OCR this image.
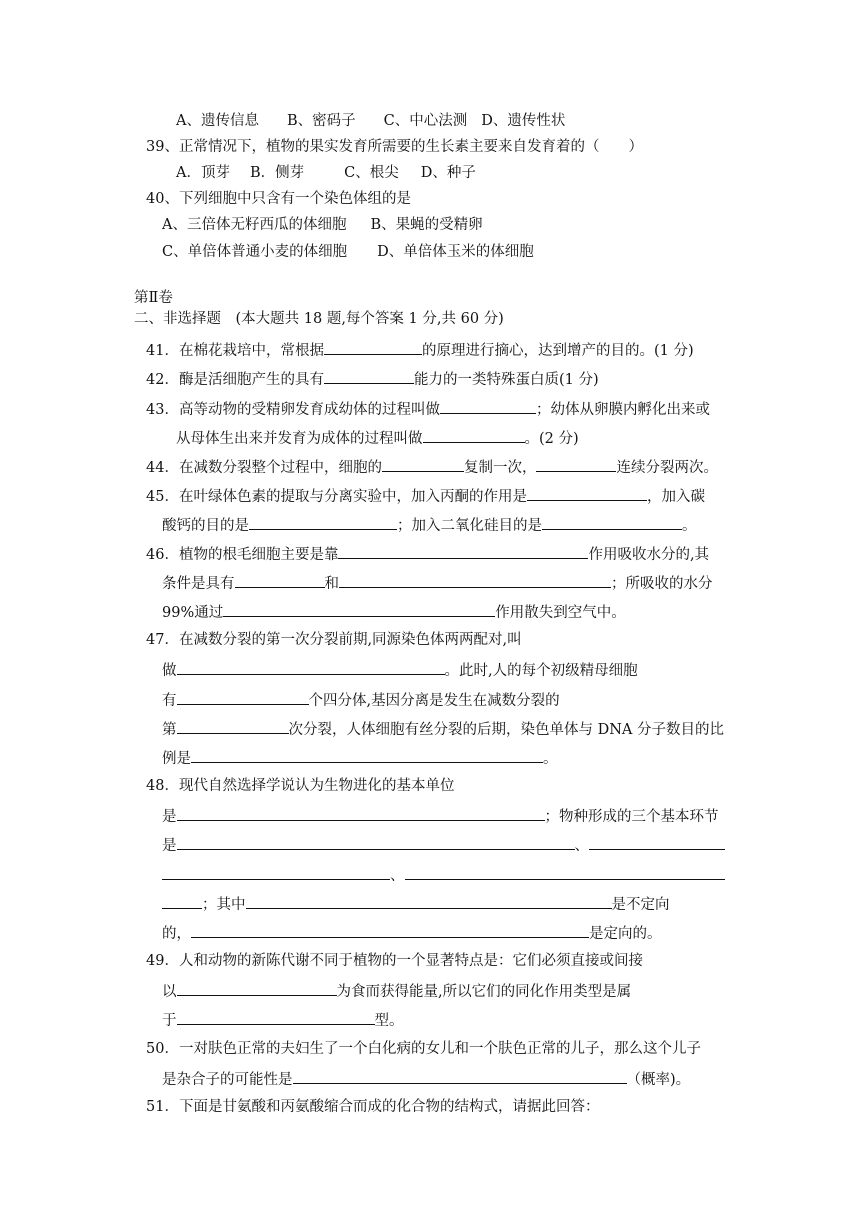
A、遗传信息 B、密码子 C、中心法测 D、遗传性状
39、正常情况下，植物的果实发育所需要的生长素主要来自发育着的（　　）
A．顶芽 B．侧芽	C、根尖 D、种子
40、下列细胞中只含有一个染色体组的是
A、三倍体无籽西瓜的体细胞 B、果蝇的受精卵
C、单倍体普通小麦的体细胞 D、单倍体玉米的体细胞
第Ⅱ卷
二、非选择题　(本大题共 18 题,每个答案 1 分,共 60 分)
41．在棉花栽培中，常根据	的原理进行摘心，达到增产的目的。(1 分)
42．酶是活细胞产生的具有	能力的一类特殊蛋白质(1 分)
43．高等动物的受精卵发育成幼体的过程叫做	；幼体从卵膜内孵化出来或
从母体生出来并发育为成体的过程叫做	。(2 分)
44．在减数分裂整个过程中，细胞的	复制一次，	连续分裂两次。
45．在叶绿体色素的提取与分离实验中，加入丙酮的作用是	，加入碳
酸钙的目的是	；加入二氧化硅目的是	。
46．植物的根毛细胞主要是靠	作用吸收水分的,其
条件是具有	和	；所吸收的水分
99%通过	作用散失到空气中。
47．在减数分裂的第一次分裂前期,同源染色体两两配对,叫
做	。此时,人的每个初级精母细胞
有	个四分体,基因分离是发生在减数分裂的
第	次分裂，人体细胞有丝分裂的后期，染色单体与 DNA 分子数目的比
例是	。
48．现代自然选择学说认为生物进化的基本单位
是	；物种形成的三个基本环节
是	、
、
；其中	是不定向
的，	是定向的。
49．人和动物的新陈代谢不同于植物的一个显著特点是：它们必须直接或间接
以	为食而获得能量,所以它们的同化作用类型是属
于	型。
50．一对肤色正常的夫妇生了一个白化病的女儿和一个肤色正常的儿子，那么这个儿子
是杂合子的可能性是	（概率)。
51．下面是甘氨酸和丙氨酸缩合而成的化合物的结构式，请据此回答：
